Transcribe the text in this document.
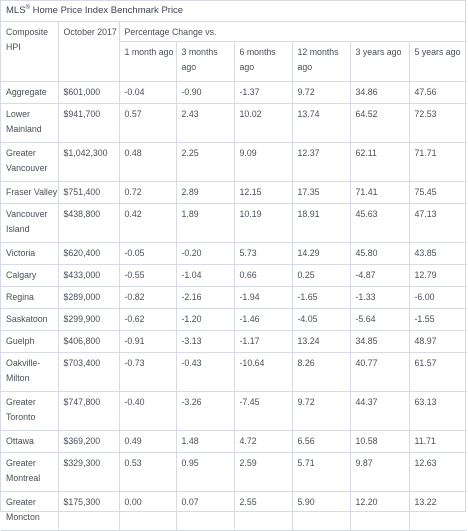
MLS® Home Price Index Benchmark Price
Composite HPI	October 2017	Percentage Change vs.					
		1 month ago	3 months ago	6 months ago	12 months ago	3 years ago	5 years ago
Aggregate	$601,000	-0.04	-0.90	-1.37	9.72	34.86	47.56
Lower Mainland	$941,700	0.57	2.43	10.02	13.74	64.52	72.53
Greater Vancouver	$1,042,300	0.48	2.25	9.09	12.37	62.11	71.71
Fraser Valley	$751,400	0.72	2.89	12.15	17.35	71.41	75.45
Vancouver Island	$438,800	0.42	1.89	10.19	18.91	45.63	47.13
Victoria	$620,400	-0.05	-0.20	5.73	14.29	45.80	43.85
Calgary	$433,000	-0.55	-1.04	0.66	0.25	-4.87	12.79
Regina	$289,000	-0.82	-2.16	-1.94	-1.65	-1.33	-6.00
Saskatoon	$299,900	-0.62	-1.20	-1.46	-4.05	-5.64	-1.55
Guelph	$406,800	-0.91	-3.13	-1.17	13.24	34.85	48.97
Oakville-Milton	$703,400	-0.73	-0.43	-10.64	8.26	40.77	61.57
Greater Toronto	$747,800	-0.40	-3.26	-7.45	9.72	44.37	63.13
Ottawa	$369,200	0.49	1.48	4.72	6.56	10.58	11.71
Greater Montreal	$329,300	0.53	0.95	2.59	5.71	9.87	12.63
Greater Moncton	$175,300	0.00	0.07	2.55	5.90	12.20	13.22
